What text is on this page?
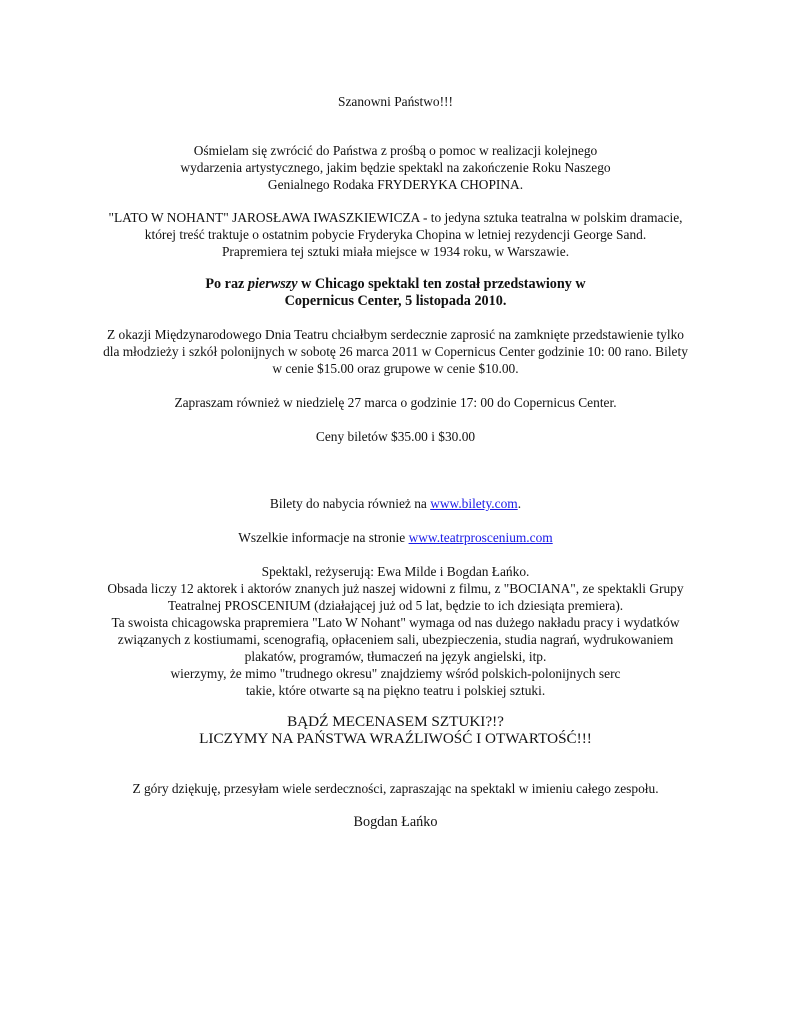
Szanowni Państwo!!!
Ośmielam się zwrócić do Państwa z prośbą o pomoc w realizacji kolejnego
wydarzenia artystycznego, jakim będzie spektakl na zakończenie Roku Naszego
Genialnego Rodaka FRYDERYKA CHOPINA.
"LATO W NOHANT" JAROSŁAWA IWASZKIEWICZA - to jedyna sztuka teatralna w polskim dramacie,
której treść traktuje o ostatnim pobycie Fryderyka Chopina w letniej rezydencji George Sand.
Prapremiera tej sztuki miała miejsce w 1934 roku, w Warszawie.
Po raz pierwszy w Chicago spektakl ten został przedstawiony w
Copernicus Center, 5 listopada 2010.
Z okazji Międzynarodowego Dnia Teatru chciałbym serdecznie zaprosić na zamknięte przedstawienie tylko
dla młodzieży i szkół polonijnych w sobotę 26 marca 2011 w Copernicus Center godzinie 10: 00 rano. Bilety
w cenie $15.00 oraz grupowe w cenie $10.00.
Zapraszam również w niedzielę 27 marca o godzinie 17: 00 do Copernicus Center.
Ceny biletów $35.00 i $30.00
Bilety do nabycia również na www.bilety.com.
Wszelkie informacje na stronie www.teatrproscenium.com
Spektakl, reżyserują: Ewa Milde i Bogdan Łańko.
Obsada liczy 12 aktorek i aktorów znanych już naszej widowni z filmu, z "BOCIANA", ze spektakli Grupy
Teatralnej PROSCENIUM (działającej już od 5 lat, będzie to ich dziesiąta premiera).
Ta swoista chicagowska prapremiera "Lato W Nohant" wymaga od nas dużego nakładu pracy i wydatków
związanych z kostiumami, scenografią, opłaceniem sali, ubezpieczenia, studia nagrań, wydrukowaniem
plakatów, programów, tłumaczeń na język angielski, itp.
wierzymy, że mimo "trudnego okresu" znajdziemy wśród polskich-polonijnych serc
takie, które otwarte są na piękno teatru i polskiej sztuki.
BĄDŹ MECENASEM SZTUKI?!?
LICZYMY NA PAŃSTWA WRAŹLIWOŚĆ I OTWARTOŚĆ!!!
Z góry dziękuję, przesyłam wiele serdeczności, zapraszając na spektakl w imieniu całego zespołu.
Bogdan Łańko
